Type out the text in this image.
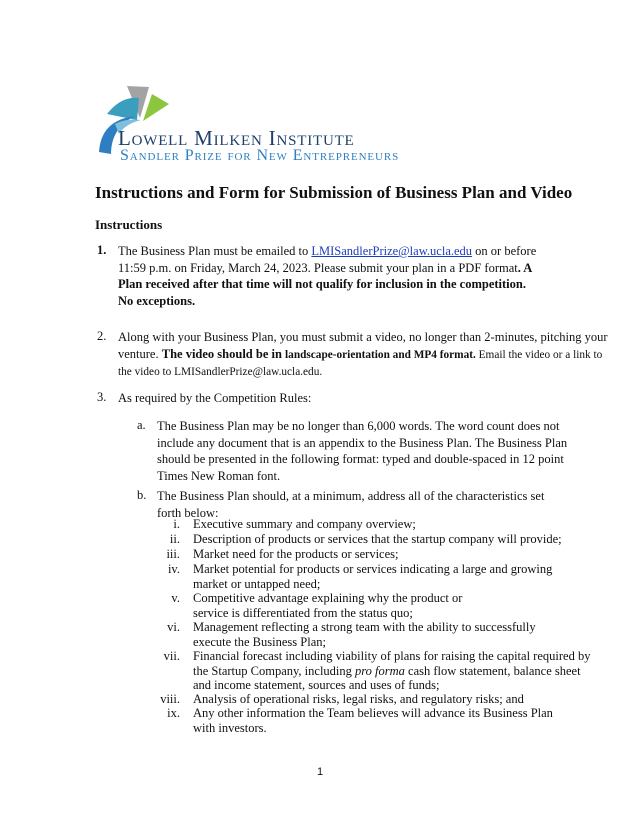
Lowell Milken Institute
Sandler Prize for New Entrepreneurs
Instructions and Form for Submission of Business Plan and Video
Instructions
1. The Business Plan must be emailed to LMISandlerPrize@law.ucla.edu on or before 11:59 p.m. on Friday, March 24, 2023. Please submit your plan in a PDF format. A Plan received after that time will not qualify for inclusion in the competition. No exceptions.
2. Along with your Business Plan, you must submit a video, no longer than 2-minutes, pitching your venture. The video should be in landscape-orientation and MP4 format. Email the video or a link to the video to LMISandlerPrize@law.ucla.edu.
3. As required by the Competition Rules:
a. The Business Plan may be no longer than 6,000 words. The word count does not include any document that is an appendix to the Business Plan. The Business Plan should be presented in the following format: typed and double-spaced in 12 point Times New Roman font.
b. The Business Plan should, at a minimum, address all of the characteristics set forth below:
i. Executive summary and company overview;
ii. Description of products or services that the startup company will provide;
iii. Market need for the products or services;
iv. Market potential for products or services indicating a large and growing market or untapped need;
v. Competitive advantage explaining why the product or service is differentiated from the status quo;
vi. Management reflecting a strong team with the ability to successfully execute the Business Plan;
vii. Financial forecast including viability of plans for raising the capital required by the Startup Company, including pro forma cash flow statement, balance sheet and income statement, sources and uses of funds;
viii. Analysis of operational risks, legal risks, and regulatory risks; and
ix. Any other information the Team believes will advance its Business Plan with investors.
1
